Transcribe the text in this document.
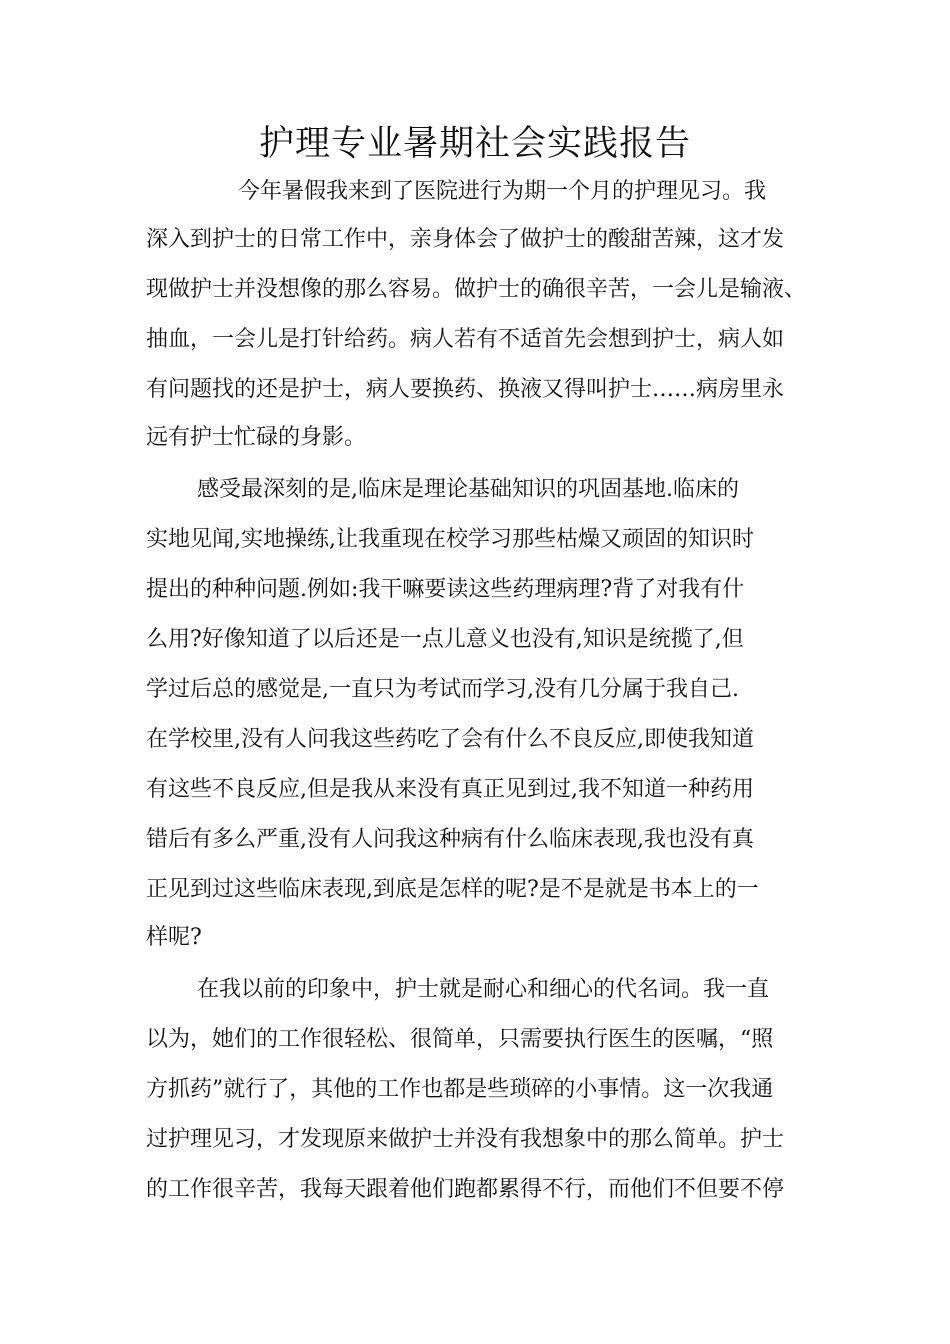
护理专业暑期社会实践报告
今年暑假我来到了医院进行为期一个月的护理见习。我
深入到护士的日常工作中，亲身体会了做护士的酸甜苦辣，这才发
现做护士并没想像的那么容易。做护士的确很辛苦，一会儿是输液、
抽血，一会儿是打针给药。病人若有不适首先会想到护士，病人如
有问题找的还是护士，病人要换药、换液又得叫护士……病房里永
远有护士忙碌的身影。
感受最深刻的是,临床是理论基础知识的巩固基地.临床的
实地见闻,实地操练,让我重现在校学习那些枯燥又顽固的知识时
提出的种种问题.例如:我干嘛要读这些药理病理?背了对我有什
么用?好像知道了以后还是一点儿意义也没有,知识是统揽了,但
学过后总的感觉是,一直只为考试而学习,没有几分属于我自己.
在学校里,没有人问我这些药吃了会有什么不良反应,即使我知道
有这些不良反应,但是我从来没有真正见到过,我不知道一种药用
错后有多么严重,没有人问我这种病有什么临床表现,我也没有真
正见到过这些临床表现,到底是怎样的呢?是不是就是书本上的一
样呢?
在我以前的印象中，护士就是耐心和细心的代名词。我一直
以为，她们的工作很轻松、很简单，只需要执行医生的医嘱，“照
方抓药”就行了，其他的工作也都是些琐碎的小事情。这一次我通
过护理见习，才发现原来做护士并没有我想象中的那么简单。护士
的工作很辛苦，我每天跟着他们跑都累得不行，而他们不但要不停
